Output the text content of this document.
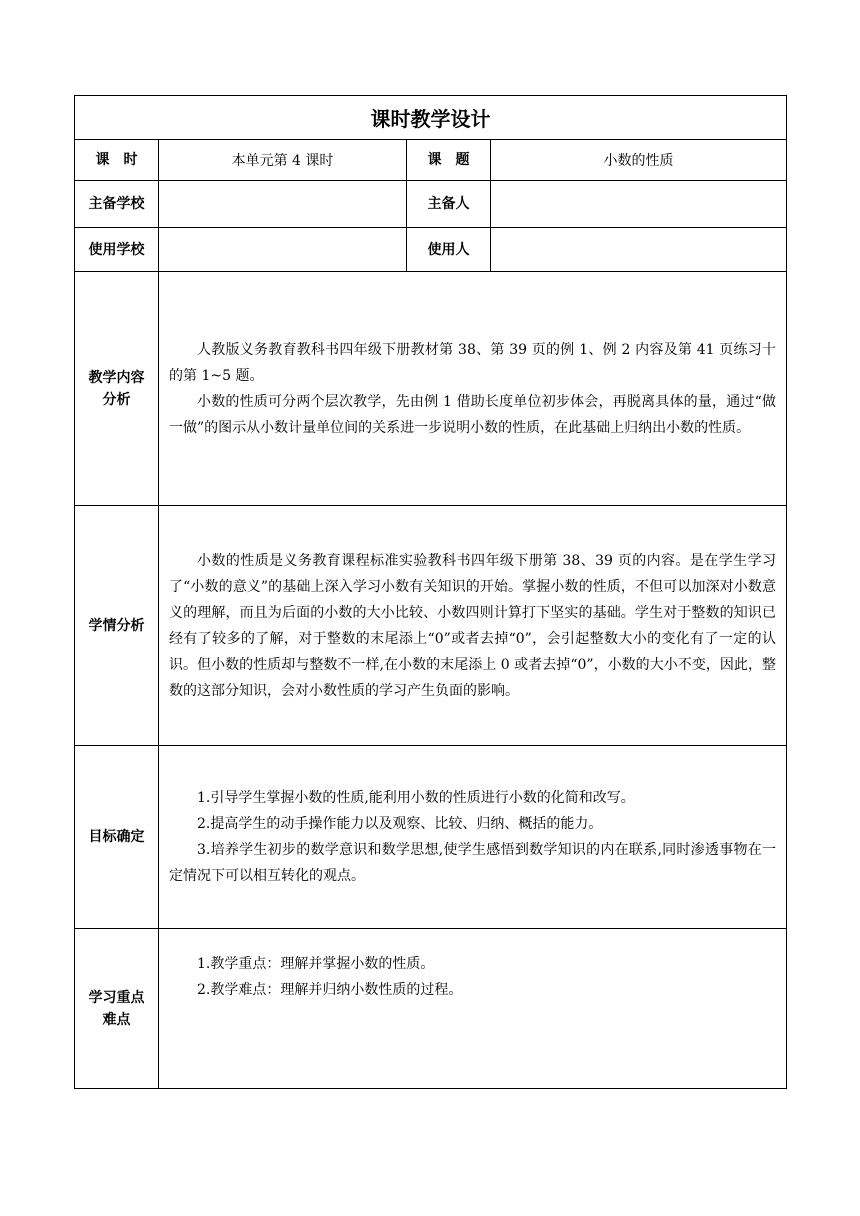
课时教学设计			
课　时	本单元第 4 课时	课　题	小数的性质
主备学校		主备人	
使用学校		使用人	

教学内容分析	人教版义务教育教科书四年级下册教材第 38、第 39 页的例 1、例 2 内容及第 41 页练习十的第 1~5 题。

小数的性质可分两个层次教学，先由例 1 借助长度单位初步体会，再脱离具体的量，通过“做一做”的图示从小数计量单位间的关系进一步说明小数的性质，在此基础上归纳出小数的性质。		

学情分析	小数的性质是义务教育课程标准实验教科书四年级下册第 38、39 页的内容。是在学生学习了“小数的意义”的基础上深入学习小数有关知识的开始。掌握小数的性质，不但可以加深对小数意义的理解，而且为后面的小数的大小比较、小数四则计算打下坚实的基础。学生对于整数的知识已经有了较多的了解，对于整数的末尾添上“0”或者去掉“0”，会引起整数大小的变化有了一定的认识。但小数的性质却与整数不一样,在小数的末尾添上 0 或者去掉“0”，小数的大小不变，因此，整数的这部分知识，会对小数性质的学习产生负面的影响。		

目标确定	1.引导学生掌握小数的性质,能利用小数的性质进行小数的化简和改写。

2.提高学生的动手操作能力以及观察、比较、归纳、概括的能力。

3.培养学生初步的数学意识和数学思想,使学生感悟到数学知识的内在联系,同时渗透事物在一定情况下可以相互转化的观点。		

学习重点难点	1.教学重点：理解并掌握小数的性质。

2.教学难点：理解并归纳小数性质的过程。		
